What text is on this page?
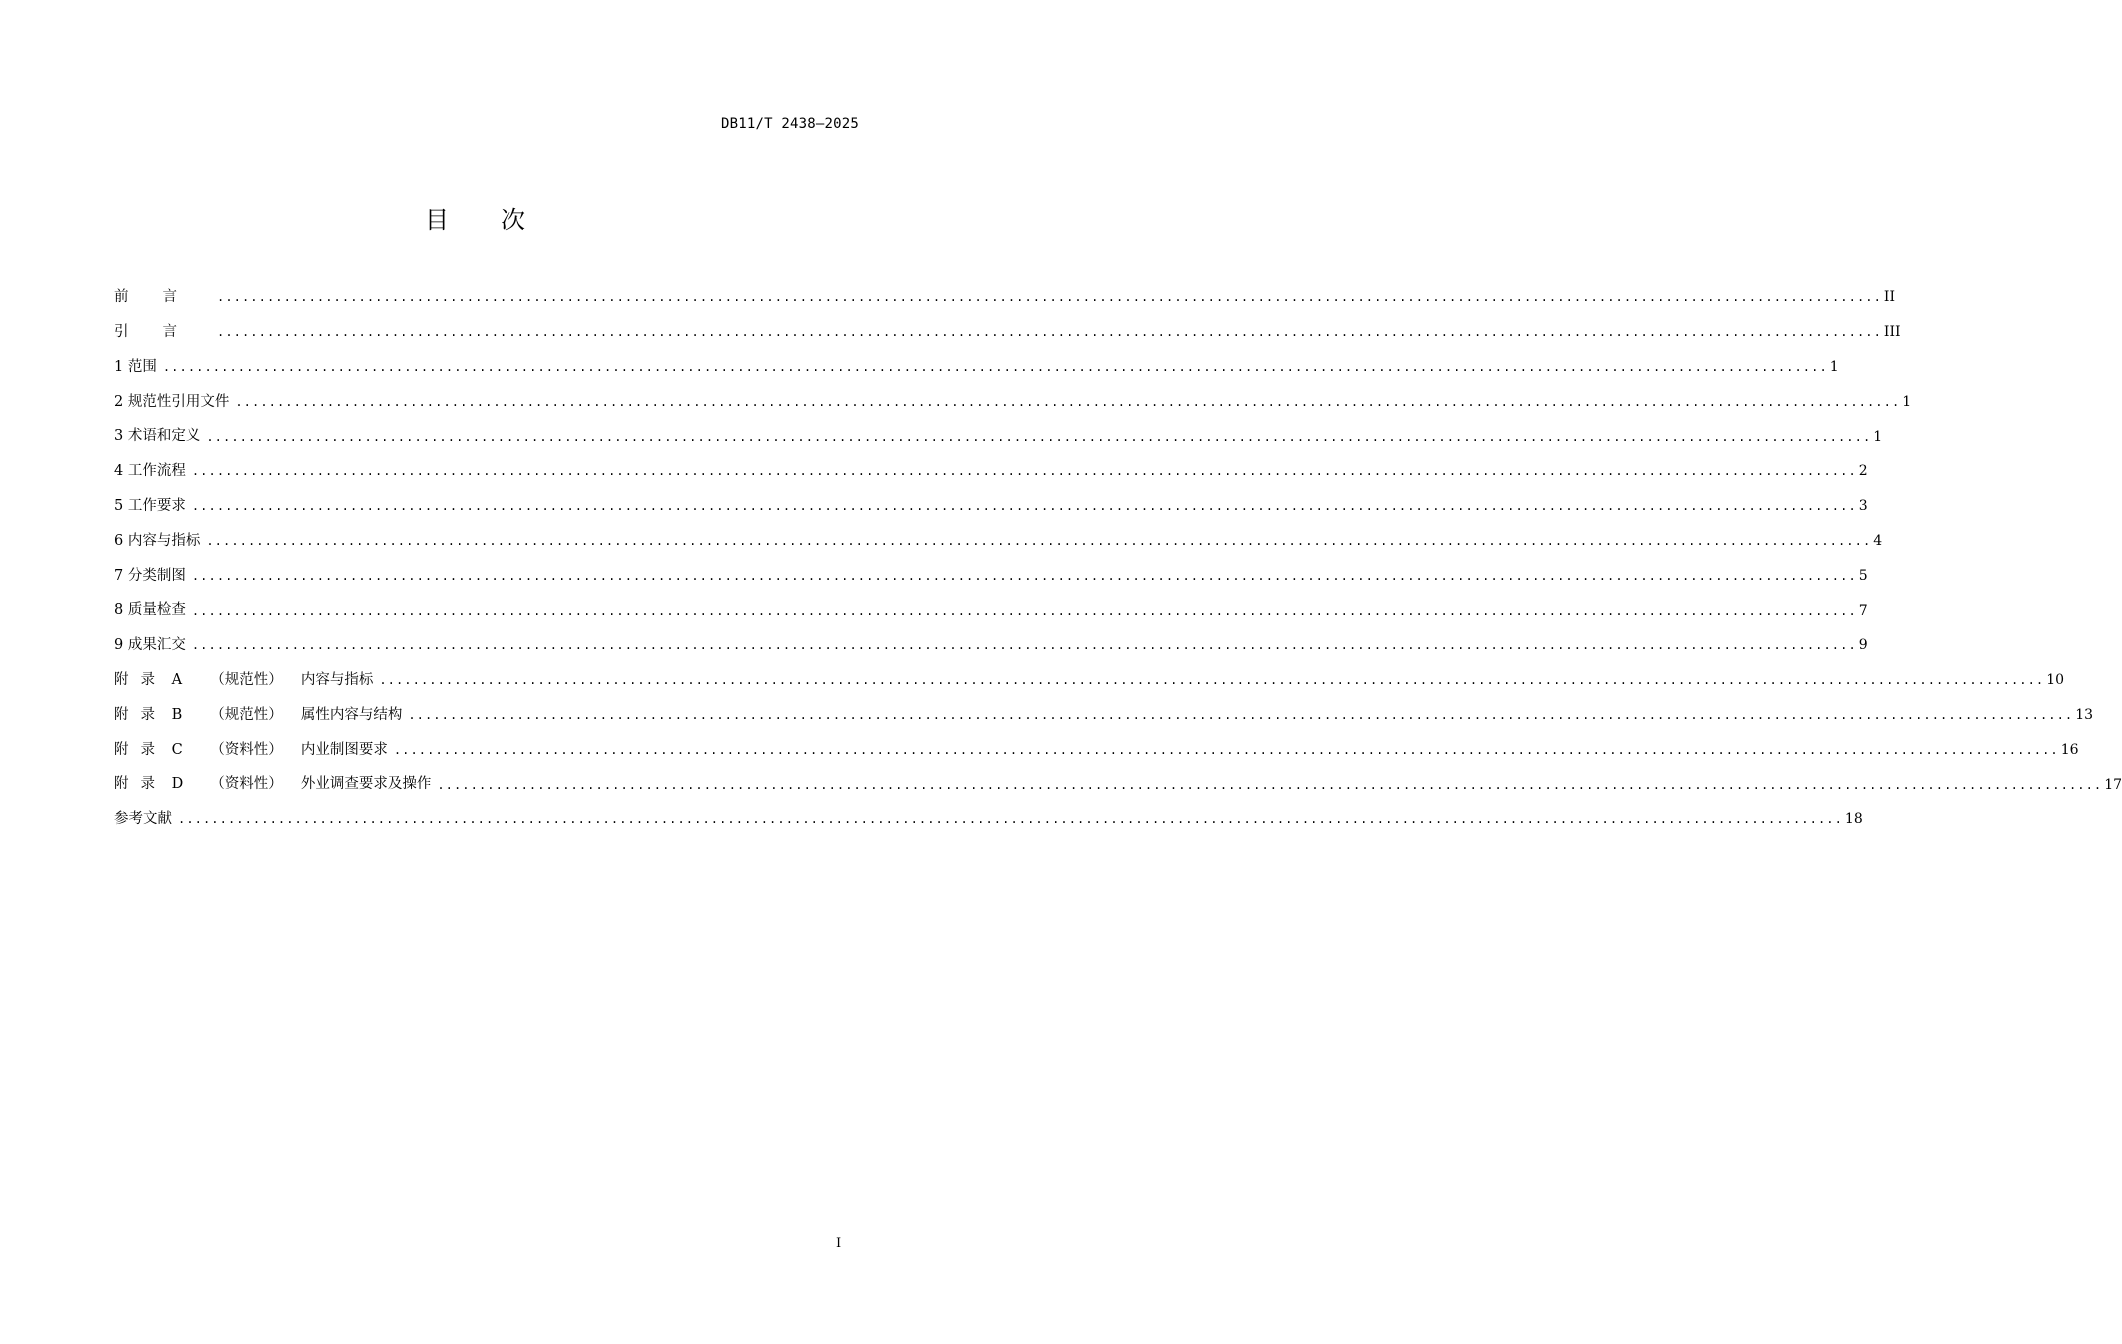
DB11/T 2438—2025
目次
前言 ........................................................................................................................................................................................................ II
引言 ........................................................................................................................................................................................................ III
1 范围 ........................................................................................................................................................................................................ 1
2 规范性引用文件 ........................................................................................................................................................................................................ 1
3 术语和定义 ........................................................................................................................................................................................................ 1
4 工作流程 ........................................................................................................................................................................................................ 2
5 工作要求 ........................................................................................................................................................................................................ 3
6 内容与指标 ........................................................................................................................................................................................................ 4
7 分类制图 ........................................................................................................................................................................................................ 5
8 质量检查 ........................................................................................................................................................................................................ 7
9 成果汇交 ........................................................................................................................................................................................................ 9
附录 A （规范性） 内容与指标 ........................................................................................................................................................................................................ 10
附录 B （规范性） 属性内容与结构 ........................................................................................................................................................................................................ 13
附录 C （资料性） 内业制图要求 ........................................................................................................................................................................................................ 16
附录 D （资料性） 外业调查要求及操作 ........................................................................................................................................................................................................ 17
参考文献 ........................................................................................................................................................................................................ 18
I
